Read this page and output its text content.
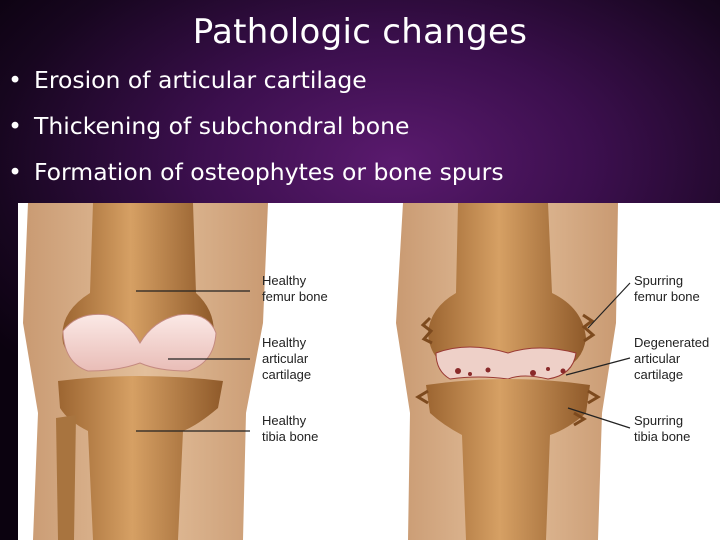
Pathologic changes
• Erosion of articular cartilage
• Thickening of subchondral bone
• Formation of osteophytes or bone spurs
Healthy
femur bone
Healthy
articular
cartilage
Healthy
tibia bone
Spurring
femur bone
Degenerated
articular
cartilage
Spurring
tibia bone
